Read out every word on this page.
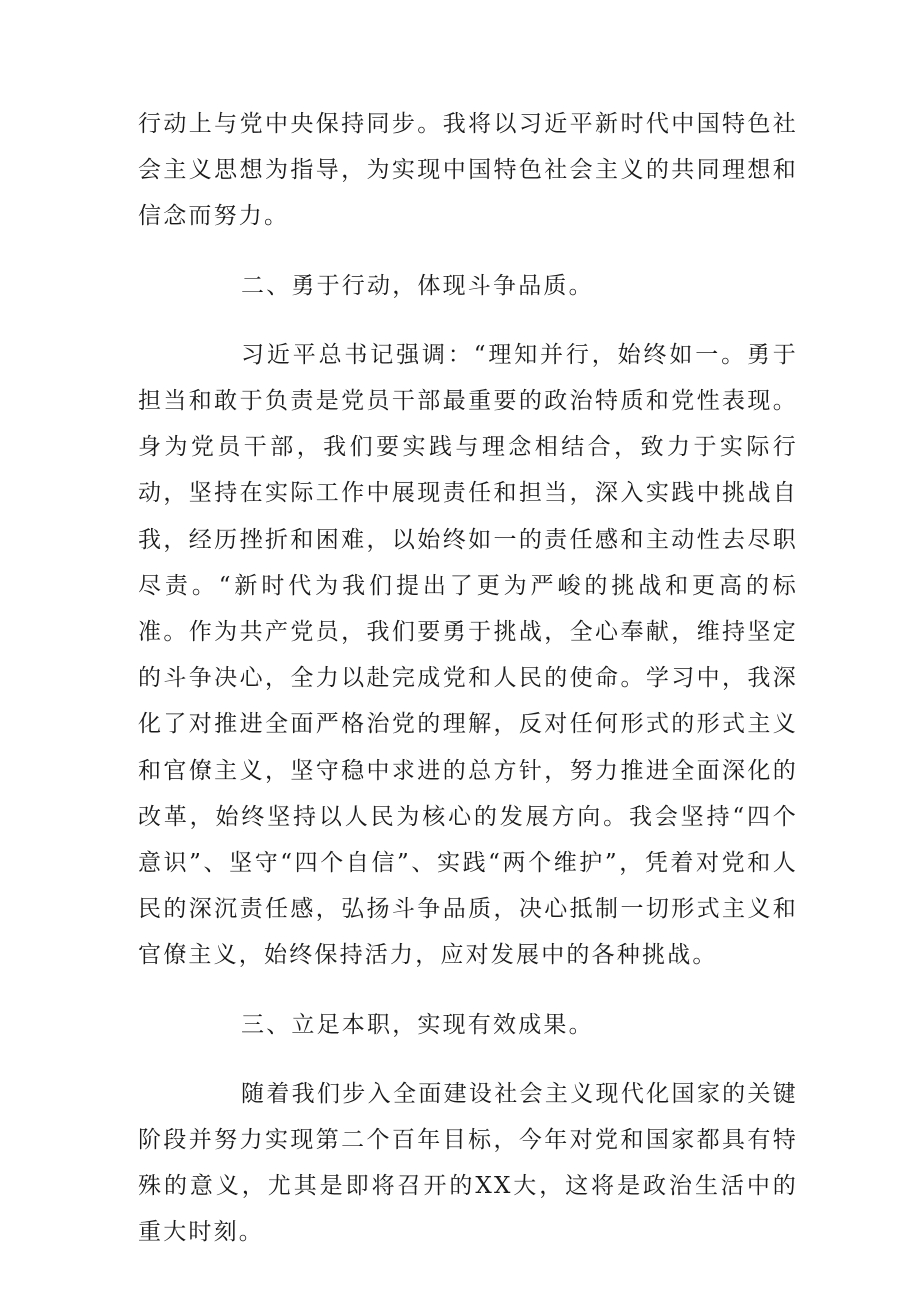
行动上与党中央保持同步。我将以习近平新时代中国特色社会主义思想为指导，为实现中国特色社会主义的共同理想和信念而努力。

二、勇于行动，体现斗争品质。

习近平总书记强调：“理知并行，始终如一。勇于担当和敢于负责是党员干部最重要的政治特质和党性表现。身为党员干部，我们要实践与理念相结合，致力于实际行动，坚持在实际工作中展现责任和担当，深入实践中挑战自我，经历挫折和困难，以始终如一的责任感和主动性去尽职尽责。“新时代为我们提出了更为严峻的挑战和更高的标准。作为共产党员，我们要勇于挑战，全心奉献，维持坚定的斗争决心，全力以赴完成党和人民的使命。学习中，我深化了对推进全面严格治党的理解，反对任何形式的形式主义和官僚主义，坚守稳中求进的总方针，努力推进全面深化的改革，始终坚持以人民为核心的发展方向。我会坚持“四个意识”、坚守“四个自信”、实践“两个维护”，凭着对党和人民的深沉责任感，弘扬斗争品质，决心抵制一切形式主义和官僚主义，始终保持活力，应对发展中的各种挑战。

三、立足本职，实现有效成果。

随着我们步入全面建设社会主义现代化国家的关键阶段并努力实现第二个百年目标，今年对党和国家都具有特殊的意义，尤其是即将召开的XX大，这将是政治生活中的重大时刻。
